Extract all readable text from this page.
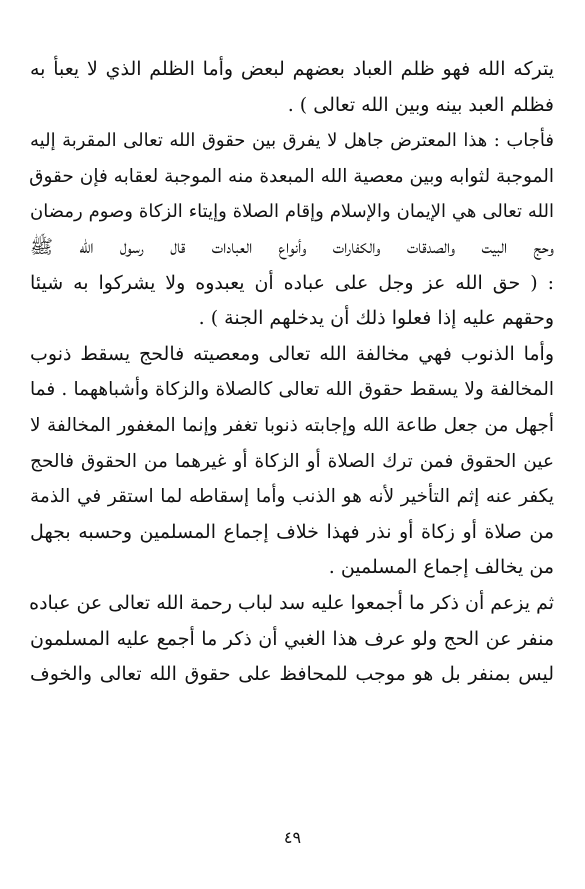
يتركه الله فهو ظلم العباد بعضهم لبعض وأما الظلم الذي لا يعبأ به
فظلم العبد بينه وبين الله تعالى ) .
فأجاب : هذا المعترض جاهل لا يفرق بين حقوق الله تعالى المقربة إليه
الموجبة لثوابه وبين معصية الله المبعدة منه الموجبة لعقابه فإن حقوق
الله تعالى هي الإيمان والإسلام وإقام الصلاة وإيتاء الزكاة وصوم رمضان
وحج البيت والصدقات والكفارات وأنواع العبادات قال رسول الله ﷺ
: ( حق الله عز وجل على عباده أن يعبدوه ولا يشركوا به شيئا
وحقهم عليه إذا فعلوا ذلك أن يدخلهم الجنة ) .
وأما الذنوب فهي مخالفة الله تعالى ومعصيته فالحج يسقط ذنوب
المخالفة ولا يسقط حقوق الله تعالى كالصلاة والزكاة وأشباههما . فما
أجهل من جعل طاعة الله وإجابته ذنوبا تغفر وإنما المغفور المخالفة لا
عين الحقوق فمن ترك الصلاة أو الزكاة أو غيرهما من الحقوق فالحج
يكفر عنه إثم التأخير لأنه هو الذنب وأما إسقاطه لما استقر في الذمة
من صلاة أو زكاة أو نذر فهذا خلاف إجماع المسلمين وحسبه بجهل
من يخالف إجماع المسلمين .
ثم يزعم أن ذكر ما أجمعوا عليه سد لباب رحمة الله تعالى عن عباده
منفر عن الحج ولو عرف هذا الغبي أن ذكر ما أجمع عليه المسلمون
ليس بمنفر بل هو موجب للمحافظ على حقوق الله تعالى والخوف
٤٩
